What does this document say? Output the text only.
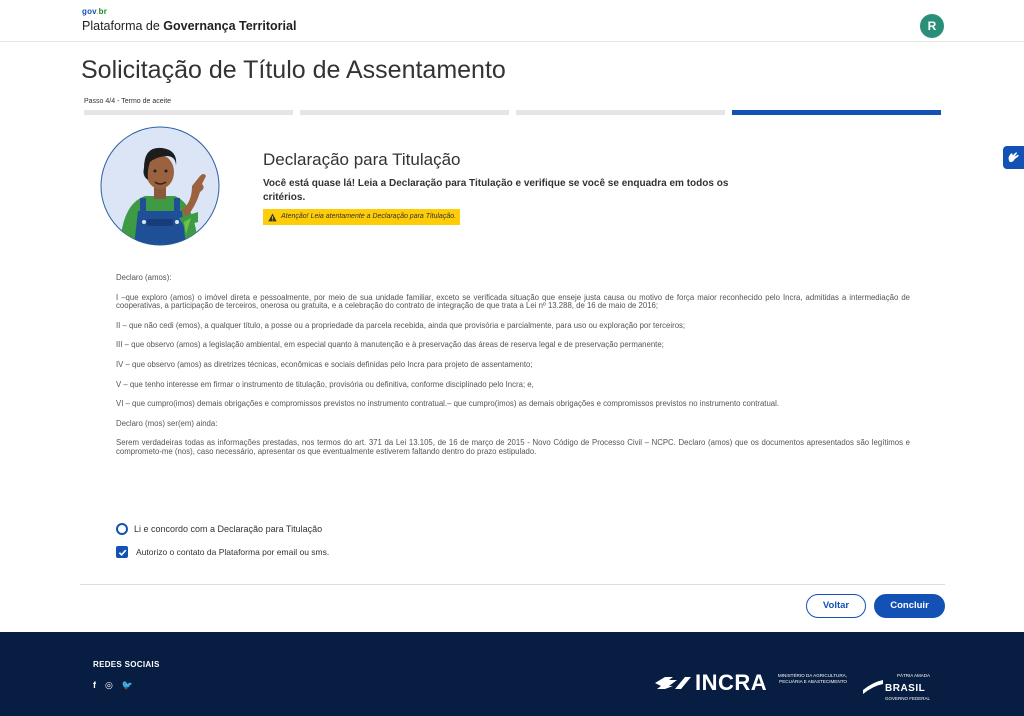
gov.br
Plataforma de Governança Territorial	R
Solicitação de Título de Assentamento
Passo 4/4 - Termo de aceite
Declaração para Titulação
Você está quase lá! Leia a Declaração para Titulação e verifique se você se enquadra em todos os critérios.
Atenção! Leia atentamente a Declaração para Titulação.

Declaro (amos):

I –que exploro (amos) o imóvel direta e pessoalmente, por meio de sua unidade familiar, exceto se verificada situação que enseje justa causa ou motivo de força maior reconhecido pelo Incra, admitidas a intermediação de cooperativas, a participação de terceiros, onerosa ou gratuita, e a celebração do contrato de integração de que trata a Lei nº 13.288, de 16 de maio de 2016;

II – que não cedi (emos), a qualquer título, a posse ou a propriedade da parcela recebida, ainda que provisória e parcialmente, para uso ou exploração por terceiros;

III – que observo (amos) a legislação ambiental, em especial quanto à manutenção e à preservação das áreas de reserva legal e de preservação permanente;

IV – que observo (amos) as diretrizes técnicas, econômicas e sociais definidas pelo Incra para projeto de assentamento;

V – que tenho interesse em firmar o instrumento de titulação, provisória ou definitiva, conforme disciplinado pelo Incra; e,

VI – que cumpro(imos) demais obrigações e compromissos previstos no instrumento contratual.– que cumpro(imos) as demais obrigações e compromissos previstos no instrumento contratual.

Declaro (mos) ser(em) ainda:

Serem verdadeiras todas as informações prestadas, nos termos do art. 371 da Lei 13.105, de 16 de março de 2015 - Novo Código de Processo Civil – NCPC. Declaro (amos) que os documentos apresentados são legítimos e comprometo-me (nos), caso necessário, apresentar os que eventualmente estiverem faltando dentro do prazo estipulado.

Li e concordo com a Declaração para Titulação
Autorizo o contato da Plataforma por email ou sms.
Voltar	Concluir
REDES SOCIAIS
f ◎ 🐦	INCRA	MINISTÉRIO DA AGRICULTURA, PECUÁRIA E ABASTECIMENTO
PÁTRIA AMADA
BRASIL
GOVERNO FEDERAL
